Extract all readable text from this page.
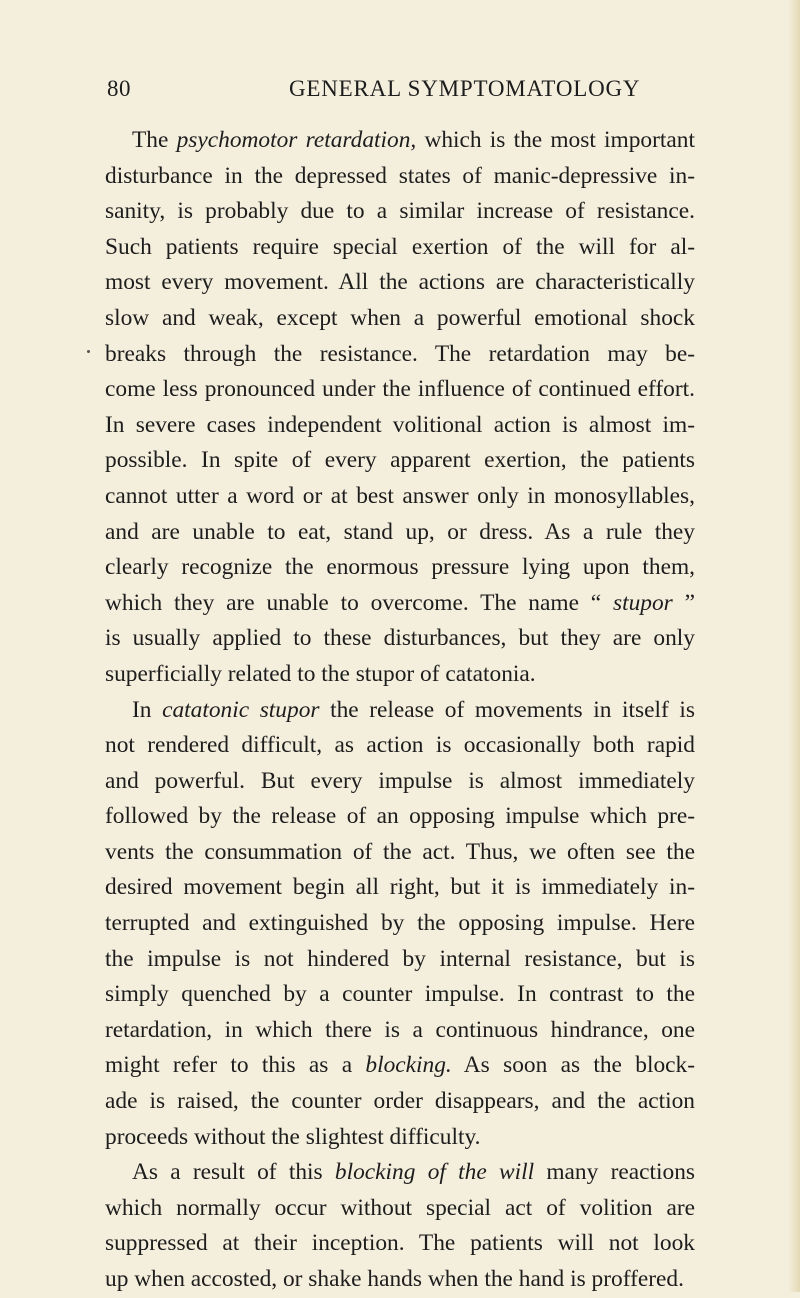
80	GENERAL SYMPTOMATOLOGY
The psychomotor retardation, which is the most important
disturbance in the depressed states of manic-depressive in-
sanity, is probably due to a similar increase of resistance.
Such patients require special exertion of the will for al-
most every movement. All the actions are characteristically
slow and weak, except when a powerful emotional shock
breaks through the resistance. The retardation may be-
come less pronounced under the influence of continued effort.
In severe cases independent volitional action is almost im-
possible. In spite of every apparent exertion, the patients
cannot utter a word or at best answer only in monosyllables,
and are unable to eat, stand up, or dress. As a rule they
clearly recognize the enormous pressure lying upon them,
which they are unable to overcome. The name “ stupor ”
is usually applied to these disturbances, but they are only
superficially related to the stupor of catatonia.
In catatonic stupor the release of movements in itself is
not rendered difficult, as action is occasionally both rapid
and powerful. But every impulse is almost immediately
followed by the release of an opposing impulse which pre-
vents the consummation of the act. Thus, we often see the
desired movement begin all right, but it is immediately in-
terrupted and extinguished by the opposing impulse. Here
the impulse is not hindered by internal resistance, but is
simply quenched by a counter impulse. In contrast to the
retardation, in which there is a continuous hindrance, one
might refer to this as a blocking. As soon as the block-
ade is raised, the counter order disappears, and the action
proceeds without the slightest difficulty.
As a result of this blocking of the will many reactions
which normally occur without special act of volition are
suppressed at their inception. The patients will not look
up when accosted, or shake hands when the hand is proffered.
